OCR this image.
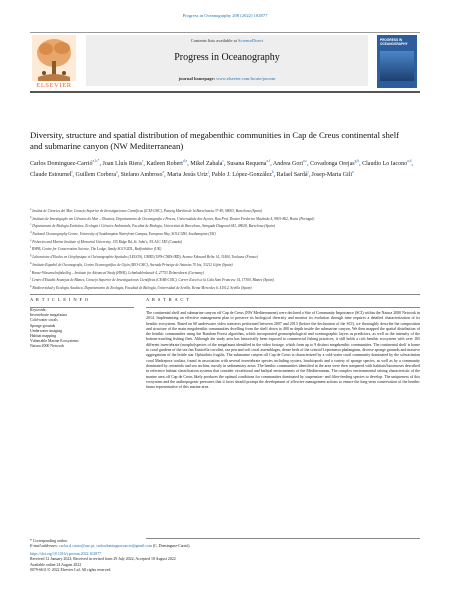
Progress in Oceanography 208 (2022) 102877
ELSEVIER
Contents lists available at ScienceDirect
Progress in Oceanography
journal homepage: www.elsevier.com/locate/pocean
PROGRESS IN OCEANOGRAPHY
Diversity, structure and spatial distribution of megabenthic communities in Cap de Creus continental shelf and submarine canyon (NW Mediterranean)
Carlos Dominguez-Carrió$^{a,b,*}$, Joan Lluís Riera$^c$, Katleen Robert$^{d,e}$, Mikel Zabala$^c$, Susana Requena$^{a,f}$, Andrea Gori$^{a,c}$, Covadonga Orejas$^{g,h}$, Claudio Lo Iacono$^{a,d}$, Claude Estournel$^i$, Guillem Corbera$^a$, Stefano Ambroso$^a$, Maria Jesús Uriz$^j$, Pablo J. López-González$^k$, Rafael Sardá$^j$, Josep-Maria Gili$^a$
$^a$ Institut de Ciències del Mar, Consejo Superior de Investigaciones Científicas (ICM-CSIC), Passeig Marítim de la Barceloneta 37-49, 08003, Barcelona (Spain)
$^b$ Instituto de Investigação em Ciências do Mar – Okeanos, Departamento de Oceanografia e Pescas, Universidade dos Açores, Rua Prof. Doutor Frederico Machado 4, 9901-862, Horta (Portugal)
$^c$ Departament de Biologia Evolutiva, Ecologia i Ciències Ambientals, Facultat de Biologia, Universitat de Barcelona, Avinguda Diagonal 643, 08028, Barcelona (Spain)
$^d$ National Oceanography Centre, University of Southampton Waterfront Campus, European Way, SO14 3ZH, Southampton (UK)
$^e$ Fisheries and Marine Institute of Memorial University, 155 Ridge Rd, St. John's, NL A1C 5R3 (Canada)
$^f$ RSPB, Centre for Conservation Science, The Lodge, Sandy SG19 2DL, Bedfordshire (UK)
$^g$ Laboratoire d'Etudes en Géophysique et Océanographie Spatiales (LEGOS), UMR5 (UPS-CNRS-IRD), Avenue Edouard Belin 14, 31400, Toulouse (France)
$^h$ Instituto Español de Oceanografía, Centro Oceanográfico de Gijón (IEO-CSIC), Avenida Príncipe de Asturias 70 bis, 33212 Gijón (Spain)
$^i$ Hanse-Wissenschaftskolleg – Institute for Advanced Study (HWK), Lehmkuhlenbusch 4, 27753 Delmenhorst (Germany)
$^j$ Centre d'Estudis Avançats de Blanes, Consejo Superior de Investigaciones Científicas (CEAB-CSIC), Carrer d'accés a la Cala Sant Francesc 14, 17300, Blanes (Spain)
$^k$ Biodiversidad y Ecología Acuática, Departamento de Zoología, Facultad de Biología, Universidad de Sevilla, Reina Mercedes 6, 41012, Sevilla (Spain)
A R T I C L E I N F O	A B S T R A C T
Keywords:
Invertebrate megafauna
Cold-water corals
Sponge grounds
Underwater imaging
Habitat mapping
Vulnerable Marine Ecosystems
Natura 2000 Network
The continental shelf and submarine canyon off Cap de Creus (NW Mediterranean) were declared a Site of Community Importance (SCI) within the Natura 2000 Network in 2014. Implementing an effective management plan to preserve its biological diversity and monitor its evolution through time requires a detailed characterization of its benthic ecosystem. Based on 60 underwater video transects performed between 2007 and 2013 (before the declaration of the SCI), we thoroughly describe the composition and structure of the main megabenthic communities dwelling from the shelf down to 400 m depth inside the submarine canyon. We then mapped the spatial distribution of the benthic communities using the Random Forest algorithm, which incorporated geomorphological and oceanographic layers as predictors, as well as the intensity of the bottom-trawling fishing fleet. Although the study area has historically been exposed to commercial fishing practices, it still holds a rich benthic ecosystem with over 165 different invertebrate (morpho)species of the megafauna identified in the video footage, which form up to 9 distinct megabenthic communities. The continental shelf is home to coral gardens of the sea fan Eunicella cavolini, sea pen and soft coral assemblages, dense beds of the crinoid Leptometra phalangium, diverse sponge grounds and massive aggregations of the brittle star Ophiothrix fragilis. The submarine canyon off Cap de Creus is characterized by a cold-water coral community dominated by the scleractinian coral Madrepora oculata, found in association with several invertebrate species including oysters, brachiopods and a variety of sponge species, as well as by a community dominated by ceriantids and sea urchins, mostly in sedimentary areas. The benthic communities identified in the area were then compared with habitats/biocenoses described in reference habitat classification systems that consider circalittoral and bathyal environments of the Mediterranean. The complex environmental setting characteristic of the marine area off Cap de Creus likely produces the optimal conditions for communities dominated by suspension- and filter-feeding species to develop. The uniqueness of this ecosystem and the anthropogenic pressures that it faces should prompt the development of effective management actions to ensure the long-term conservation of the benthic fauna representative of this marine area.
* Corresponding author.
E-mail addresses: carlos.d.carrio@uac.pt, carlosdominguezcarrio@gmail.com (C. Dominguez-Carrió).
https://doi.org/10.1016/j.pocean.2022.102877
Received 12 January 2022; Received in revised form 29 July 2022; Accepted 18 August 2022
Available online 24 August 2022
0079-6611/© 2022 Elsevier Ltd. All rights reserved.
